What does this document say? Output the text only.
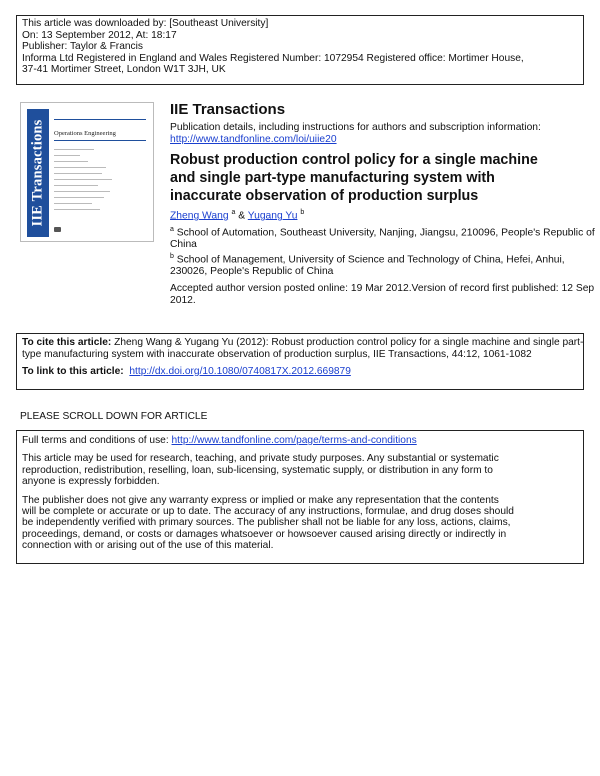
This article was downloaded by: [Southeast University]
On: 13 September 2012, At: 18:17
Publisher: Taylor & Francis
Informa Ltd Registered in England and Wales Registered Number: 1072954 Registered office: Mortimer House,
37-41 Mortimer Street, London W1T 3JH, UK
IIE Transactions Operations Engineering
IIE Transactions
Publication details, including instructions for authors and subscription information:
http://www.tandfonline.com/loi/uiie20
Robust production control policy for a single machine
and single part-type manufacturing system with
inaccurate observation of production surplus
Zheng Wang $^a$ & Yugang Yu $^b$
$^a$ School of Automation, Southeast University, Nanjing, Jiangsu, 210096, People's Republic of
China
$^b$ School of Management, University of Science and Technology of China, Hefei, Anhui,
230026, People's Republic of China
Accepted author version posted online: 19 Mar 2012.Version of record first published: 12 Sep
2012.
To cite this article: Zheng Wang & Yugang Yu (2012): Robust production control policy for a single machine and single part-
type manufacturing system with inaccurate observation of production surplus, IIE Transactions, 44:12, 1061-1082
To link to this article: http://dx.doi.org/10.1080/0740817X.2012.669879
PLEASE SCROLL DOWN FOR ARTICLE
Full terms and conditions of use: http://www.tandfonline.com/page/terms-and-conditions
This article may be used for research, teaching, and private study purposes. Any substantial or systematic
reproduction, redistribution, reselling, loan, sub-licensing, systematic supply, or distribution in any form to
anyone is expressly forbidden.
The publisher does not give any warranty express or implied or make any representation that the contents
will be complete or accurate or up to date. The accuracy of any instructions, formulae, and drug doses should
be independently verified with primary sources. The publisher shall not be liable for any loss, actions, claims,
proceedings, demand, or costs or damages whatsoever or howsoever caused arising directly or indirectly in
connection with or arising out of the use of this material.
